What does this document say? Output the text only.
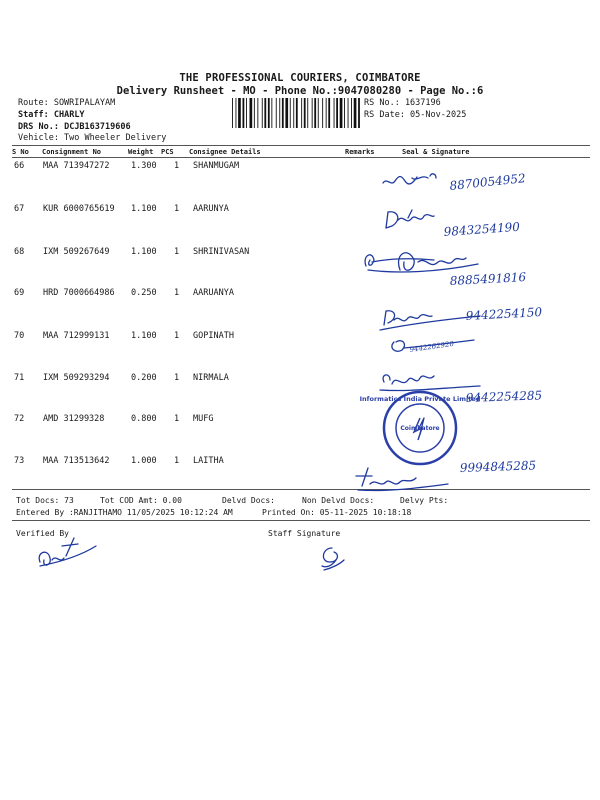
THE PROFESSIONAL COURIERS, COIMBATORE
Delivery Runsheet - MO - Phone No.:9047080280 - Page No.:6
Route: SOWRIPALAYAM
Staff: CHARLY
DRS No.: DCJB163719606
Vehicle: Two Wheeler Delivery
RS No.: 1637196
RS Date: 05-Nov-2025
S No Consignment No	Weight PCS Consignee Details	Remarks	Seal & Signature
66 MAA 713947272	1.300 1 SHANMUGAM
67 KUR 6000765619 1.100 1 AARUNYA
68 IXM 509267649	1.100 1 SHRINIVASAN
69 HRD 7000664986 0.250 1 AARUANYA
70 MAA 712999131	1.100 1 GOPINATH
71 IXM 509293294	0.200 1 NIRMALA
72 AMD 31299328	0.800 1 MUFG
73 MAA 713513642	1.000 1 LAITHA
Tot Docs: 73	Tot COD Amt: 0.00	Delvd Docs:	Non Delvd Docs:	Delvy Pts:
Entered By :RANJITHAMO 11/05/2025 10:12:24 AM	Printed On: 05-11-2025 10:18:18
Verified By	Staff Signature
8870054952
9843254190
8885491816
9442254150
9442262920
9442254285
9994845285
Informatics India Private Limited
Coimbatore
